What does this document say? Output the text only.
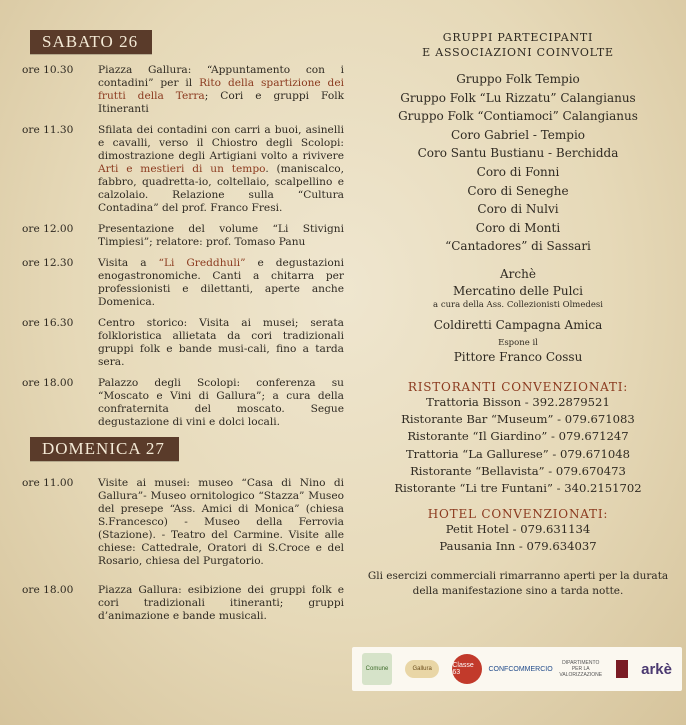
SABATO 26
ore 10.30	Piazza Gallura: “Appuntamento con i contadini” per il Rito della spartizione dei frutti della Terra; Cori e gruppi Folk Itineranti
ore 11.30	Sfilata dei contadini con carri a buoi, asinelli e cavalli, verso il Chiostro degli Scolopi: dimostrazione degli Artigiani volto a rivivere Arti e mestieri di un tempo. (maniscalco, fabbro, quadretta-io, coltellaio, scalpellino e calzolaio. Relazione sulla “Cultura Contadina” del prof. Franco Fresi.
ore 12.00	Presentazione del volume “Li Stivigni Timpiesi”; relatore: prof. Tomaso Panu
ore 12.30	Visita a “Li Greddhuli” e degustazioni enogastronomiche. Canti a chitarra per professionisti e dilettanti, aperte anche Domenica.
ore 16.30	Centro storico: Visita ai musei; serata folkloristica allietata da cori tradizionali gruppi folk e bande musi-cali, fino a tarda sera.
ore 18.00	Palazzo degli Scolopi: conferenza su “Moscato e Vini di Gallura”; a cura della confraternita del moscato. Segue degustazione di vini e dolci locali.
DOMENICA 27
ore 11.00	Visite ai musei: museo “Casa di Nino di Gallura”- Museo ornitologico “Stazza” Museo del presepe “Ass. Amici di Monica” (chiesa S.Francesco) - Museo della Ferrovia (Stazione). - Teatro del Carmine. Visite alle chiese: Cattedrale, Oratori di S.Croce e del Rosario, chiesa del Purgatorio.
ore 18.00	Piazza Gallura: esibizione dei gruppi folk e cori tradizionali itineranti; gruppi d’animazione e bande musicali.
GRUPPI PARTECIPANTI
E ASSOCIAZIONI COINVOLTE
Gruppo Folk Tempio
Gruppo Folk “Lu Rizzatu” Calangianus
Gruppo Folk “Contiamoci” Calangianus
Coro Gabriel - Tempio
Coro Santu Bustianu - Berchidda
Coro di Fonni
Coro di Seneghe
Coro di Nulvi
Coro di Monti
“Cantadores” di Sassari
Archè
Mercatino delle Pulci
a cura della Ass. Collezionisti Olmedesi
Coldiretti Campagna Amica
Espone il
Pittore Franco Cossu
RISTORANTI CONVENZIONATI:
Trattoria Bisson - 392.2879521
Ristorante Bar “Museum” - 079.671083
Ristorante “Il Giardino” - 079.671247
Trattoria “La Gallurese” - 079.671048
Ristorante “Bellavista” - 079.670473
Ristorante “Li tre Funtani” - 340.2151702
HOTEL CONVENZIONATI:
Petit Hotel - 079.631134
Pausania Inn - 079.634037
Gli esercizi commerciali rimarranno aperti per la durata della manifestazione sino a tarda notte.
Comune	Gallura	Classe 63	CONFCOMMERCIO
DIPARTIMENTO PER LA VALORIZZAZIONE	arkè
